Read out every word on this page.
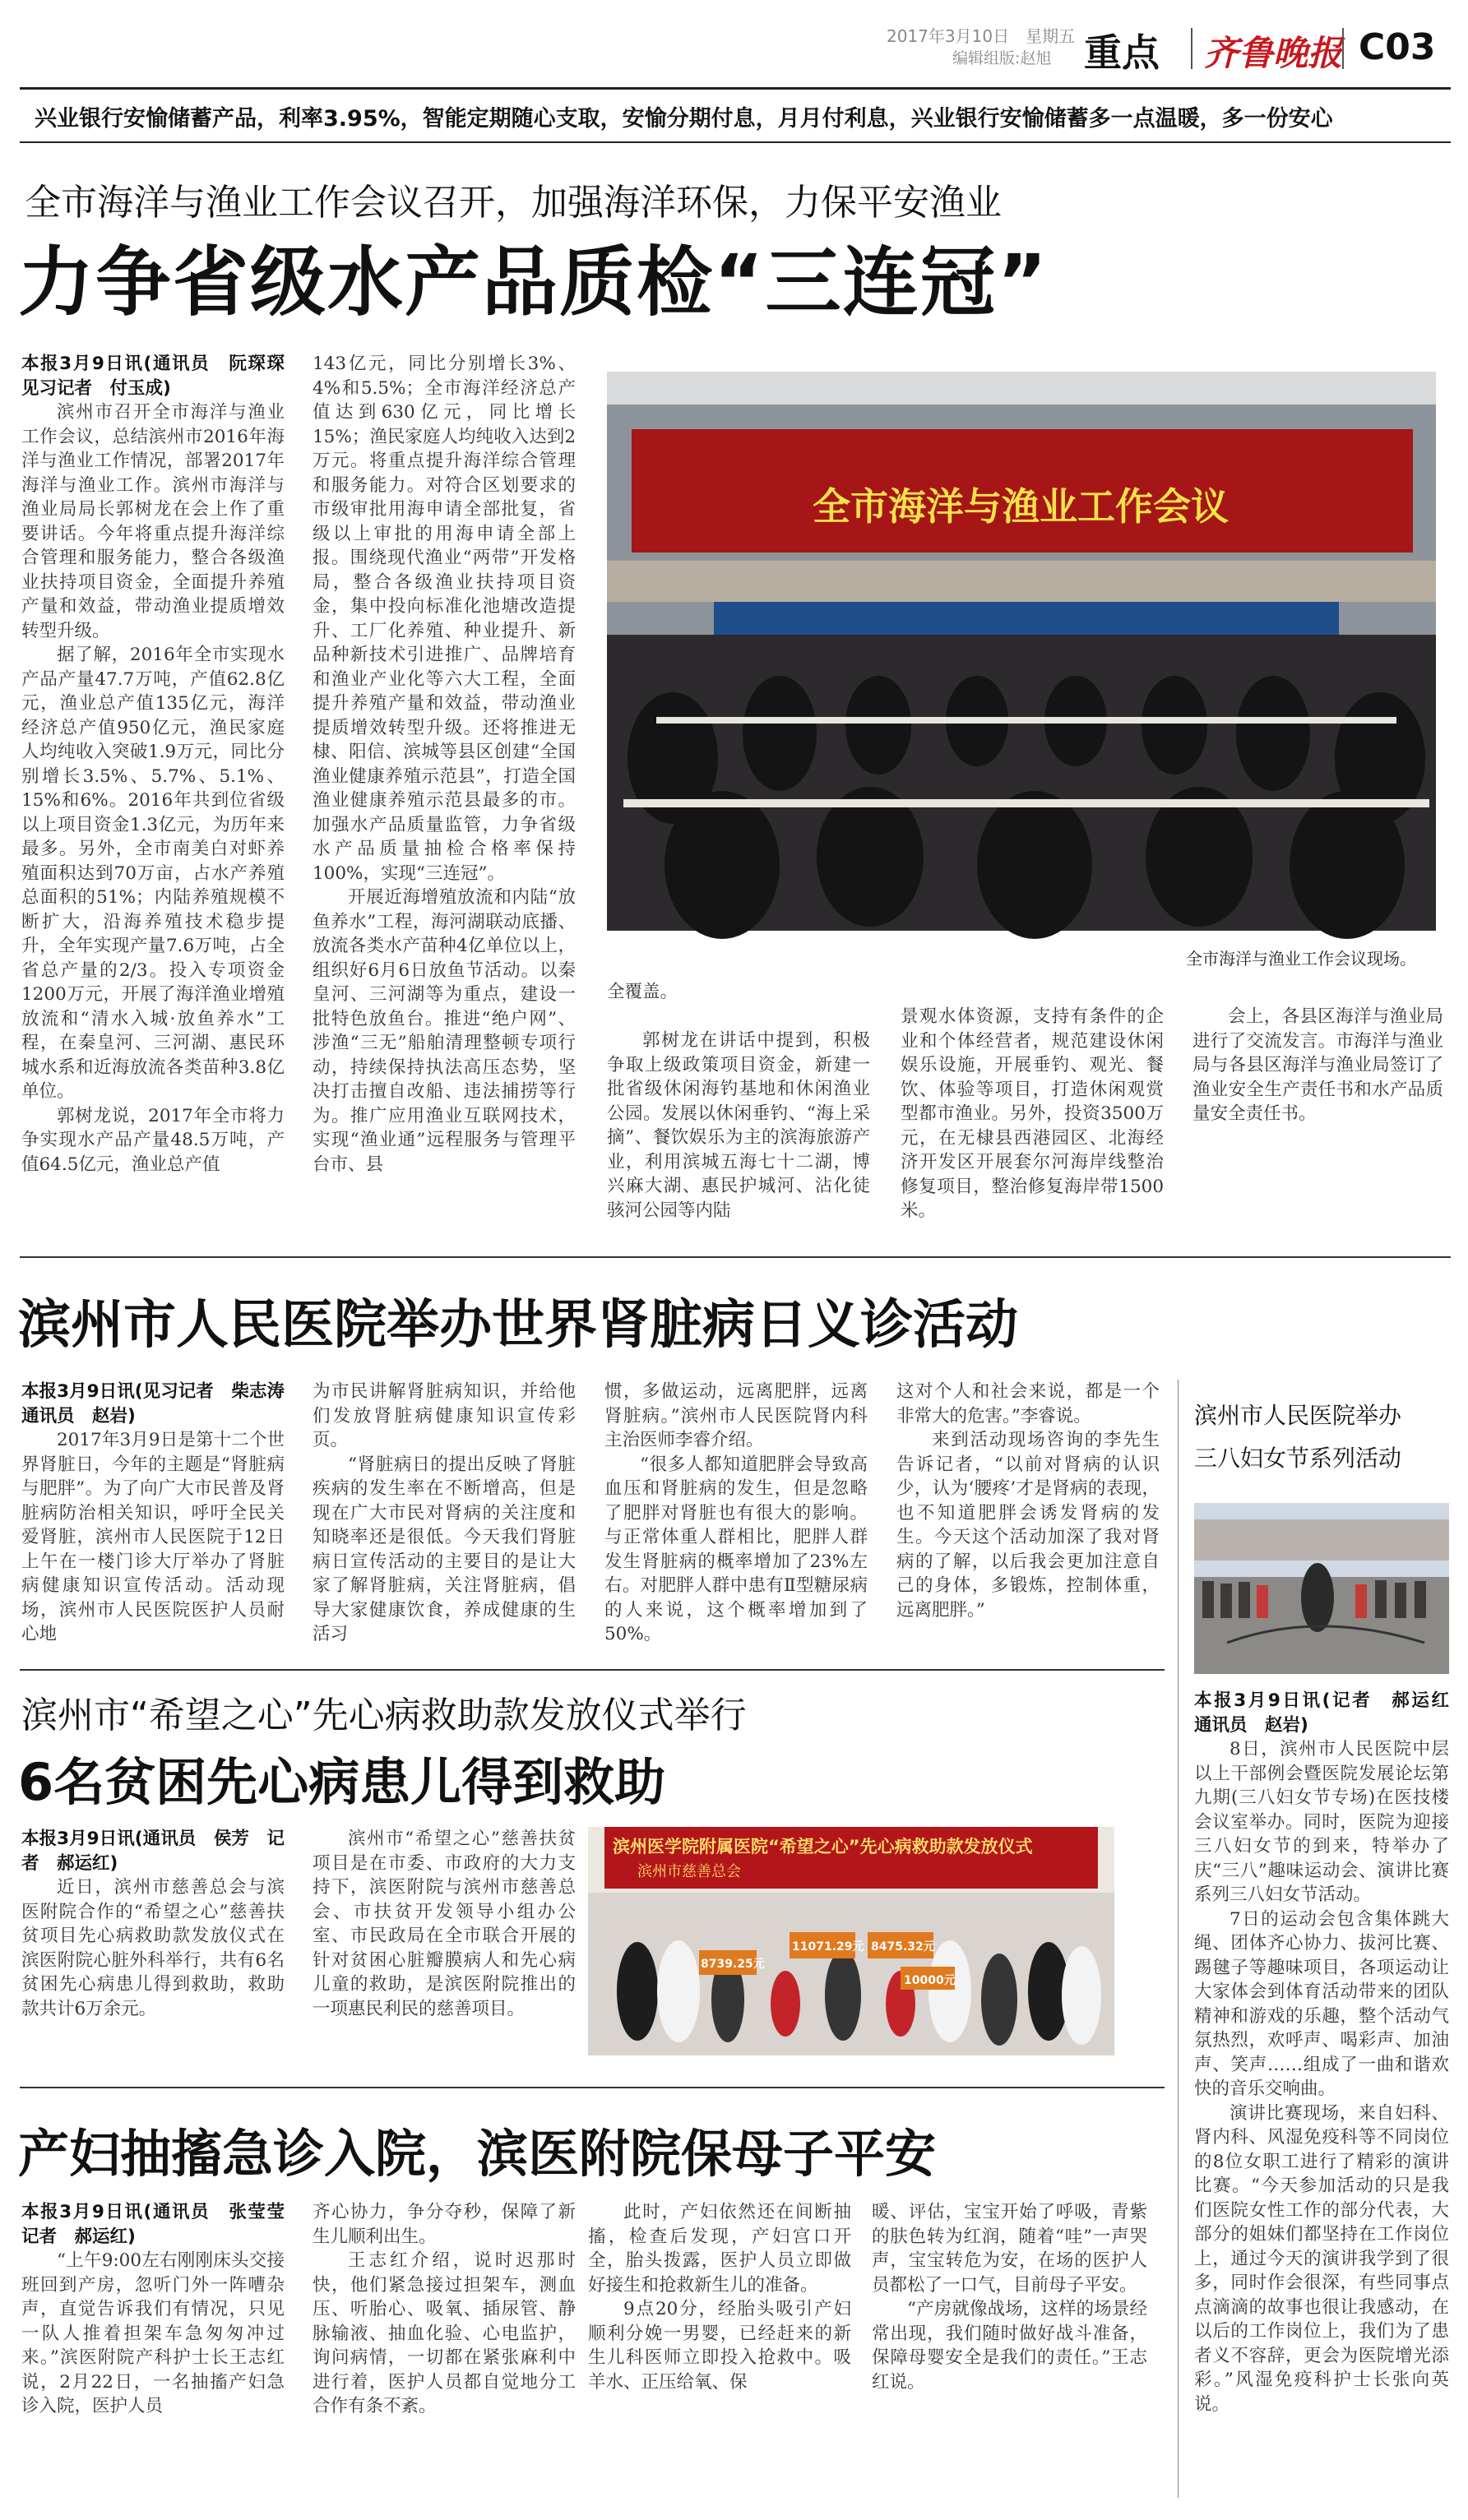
2017年3月10日　星期五
编辑组版:赵旭 重点 齐鲁晚报 C03
兴业银行安愉储蓄产品，利率3.95%，智能定期随心支取，安愉分期付息，月月付利息，兴业银行安愉储蓄多一点温暖，多一份安心
全市海洋与渔业工作会议召开，加强海洋环保，力保平安渔业
力争省级水产品质检“三连冠”

本报3月9日讯(通讯员　阮琛琛　见习记者　付玉成)

滨州市召开全市海洋与渔业工作会议，总结滨州市2016年海洋与渔业工作情况，部署2017年海洋与渔业工作。滨州市海洋与渔业局局长郭树龙在会上作了重要讲话。今年将重点提升海洋综合管理和服务能力，整合各级渔业扶持项目资金，全面提升养殖产量和效益，带动渔业提质增效转型升级。

据了解，2016年全市实现水产品产量47.7万吨，产值62.8亿元，渔业总产值135亿元，海洋经济总产值950亿元，渔民家庭人均纯收入突破1.9万元，同比分别增长3.5%、5.7%、5.1%、15%和6%。2016年共到位省级以上项目资金1.3亿元，为历年来最多。另外，全市南美白对虾养殖面积达到70万亩，占水产养殖总面积的51%；内陆养殖规模不断扩大，沿海养殖技术稳步提升，全年实现产量7.6万吨，占全省总产量的2/3。投入专项资金1200万元，开展了海洋渔业增殖放流和“清水入城·放鱼养水”工程，在秦皇河、三河湖、惠民环城水系和近海放流各类苗种3.8亿单位。

郭树龙说，2017年全市将力争实现水产品产量48.5万吨，产值64.5亿元，渔业总产值

143亿元，同比分别增长3%、4%和5.5%；全市海洋经济总产值达到630亿元，同比增长15%；渔民家庭人均纯收入达到2万元。将重点提升海洋综合管理和服务能力。对符合区划要求的市级审批用海申请全部批复，省级以上审批的用海申请全部上报。围绕现代渔业“两带”开发格局，整合各级渔业扶持项目资金，集中投向标准化池塘改造提升、工厂化养殖、种业提升、新品种新技术引进推广、品牌培育和渔业产业化等六大工程，全面提升养殖产量和效益，带动渔业提质增效转型升级。还将推进无棣、阳信、滨城等县区创建“全国渔业健康养殖示范县”，打造全国渔业健康养殖示范县最多的市。加强水产品质量监管，力争省级水产品质量抽检合格率保持100%，实现“三连冠”。

开展近海增殖放流和内陆“放鱼养水”工程，海河湖联动底播、放流各类水产苗种4亿单位以上，组织好6月6日放鱼节活动。以秦皇河、三河湖等为重点，建设一批特色放鱼台。推进“绝户网”、涉渔“三无”船舶清理整顿专项行动，持续保持执法高压态势，坚决打击擅自改船、违法捕捞等行为。推广应用渔业互联网技术，实现“渔业通”远程服务与管理平台市、县

全市海洋与渔业工作会议
全市海洋与渔业工作会议现场。

全覆盖。

郭树龙在讲话中提到，积极争取上级政策项目资金，新建一批省级休闲海钓基地和休闲渔业公园。发展以休闲垂钓、“海上采摘”、餐饮娱乐为主的滨海旅游产业，利用滨城五海七十二湖，博兴麻大湖、惠民护城河、沾化徒骇河公园等内陆

景观水体资源，支持有条件的企业和个体经营者，规范建设休闲娱乐设施，开展垂钓、观光、餐饮、体验等项目，打造休闲观赏型都市渔业。另外，投资3500万元，在无棣县西港园区、北海经济开发区开展套尔河海岸线整治修复项目，整治修复海岸带1500米。

会上，各县区海洋与渔业局进行了交流发言。市海洋与渔业局与各县区海洋与渔业局签订了渔业安全生产责任书和水产品质量安全责任书。

滨州市人民医院举办世界肾脏病日义诊活动

本报3月9日讯(见习记者　柴志涛　通讯员　赵岩)

2017年3月9日是第十二个世界肾脏日，今年的主题是“肾脏病与肥胖”。为了向广大市民普及肾脏病防治相关知识，呼吁全民关爱肾脏，滨州市人民医院于12日上午在一楼门诊大厅举办了肾脏病健康知识宣传活动。活动现场，滨州市人民医院医护人员耐心地

为市民讲解肾脏病知识，并给他们发放肾脏病健康知识宣传彩页。

“肾脏病日的提出反映了肾脏疾病的发生率在不断增高，但是现在广大市民对肾病的关注度和知晓率还是很低。今天我们肾脏病日宣传活动的主要目的是让大家了解肾脏病，关注肾脏病，倡导大家健康饮食，养成健康的生活习

惯，多做运动，远离肥胖，远离肾脏病。”滨州市人民医院肾内科主治医师李睿介绍。

“很多人都知道肥胖会导致高血压和肾脏病的发生，但是忽略了肥胖对肾脏也有很大的影响。与正常体重人群相比，肥胖人群发生肾脏病的概率增加了23%左右。对肥胖人群中患有Ⅱ型糖尿病的人来说，这个概率增加到了50%。

这对个人和社会来说，都是一个非常大的危害。”李睿说。

来到活动现场咨询的李先生告诉记者，“以前对肾病的认识少，认为‘腰疼’才是肾病的表现，也不知道肥胖会诱发肾病的发生。今天这个活动加深了我对肾病的了解，以后我会更加注意自己的身体，多锻炼，控制体重，远离肥胖。”

滨州市人民医院举办
三八妇女节系列活动

本报3月9日讯(记者　郝运红　通讯员　赵岩)

8日，滨州市人民医院中层以上干部例会暨医院发展论坛第九期(三八妇女节专场)在医技楼会议室举办。同时，医院为迎接三八妇女节的到来，特举办了庆“三八”趣味运动会、演讲比赛系列三八妇女节活动。

7日的运动会包含集体跳大绳、团体齐心协力、拔河比赛、踢毽子等趣味项目，各项运动让大家体会到体育活动带来的团队精神和游戏的乐趣，整个活动气氛热烈，欢呼声、喝彩声、加油声、笑声……组成了一曲和谐欢快的音乐交响曲。

演讲比赛现场，来自妇科、肾内科、风湿免疫科等不同岗位的8位女职工进行了精彩的演讲比赛。“今天参加活动的只是我们医院女性工作的部分代表，大部分的姐妹们都坚持在工作岗位上，通过今天的演讲我学到了很多，同时作会很深，有些同事点点滴滴的故事也很让我感动，在以后的工作岗位上，我们为了患者义不容辞，更会为医院增光添彩。”风湿免疫科护士长张向英说。

滨州市“希望之心”先心病救助款发放仪式举行
6名贫困先心病患儿得到救助

本报3月9日讯(通讯员　侯芳　记者　郝运红)

近日，滨州市慈善总会与滨医附院合作的“希望之心”慈善扶贫项目先心病救助款发放仪式在滨医附院心脏外科举行，共有6名贫困先心病患儿得到救助，救助款共计6万余元。

滨州市“希望之心”慈善扶贫项目是在市委、市政府的大力支持下，滨医附院与滨州市慈善总会、市扶贫开发领导小组办公室、市民政局在全市联合开展的针对贫困心脏瓣膜病人和先心病儿童的救助，是滨医附院推出的一项惠民利民的慈善项目。

滨州医学院附属医院“希望之心”先心病救助款发放仪式
滨州市慈善总会
8739.25元
11071.29元 8475.32元
10000元
产妇抽搐急诊入院，滨医附院保母子平安

本报3月9日讯(通讯员　张莹莹　记者　郝运红)

“上午9:00左右刚刚床头交接班回到产房，忽听门外一阵嘈杂声，直觉告诉我们有情况，只见一队人推着担架车急匆匆冲过来。”滨医附院产科护士长王志红说，2月22日，一名抽搐产妇急诊入院，医护人员

齐心协力，争分夺秒，保障了新生儿顺利出生。

王志红介绍，说时迟那时快，他们紧急接过担架车，测血压、听胎心、吸氧、插尿管、静脉输液、抽血化验、心电监护，询问病情，一切都在紧张麻利中进行着，医护人员都自觉地分工合作有条不紊。

此时，产妇依然还在间断抽搐，检查后发现，产妇宫口开全，胎头拨露，医护人员立即做好接生和抢救新生儿的准备。

9点20分，经胎头吸引产妇顺利分娩一男婴，已经赶来的新生儿科医师立即投入抢救中。吸羊水、正压给氧、保

暖、评估，宝宝开始了呼吸，青紫的肤色转为红润，随着“哇”一声哭声，宝宝转危为安，在场的医护人员都松了一口气，目前母子平安。

“产房就像战场，这样的场景经常出现，我们随时做好战斗准备，保障母婴安全是我们的责任。”王志红说。
